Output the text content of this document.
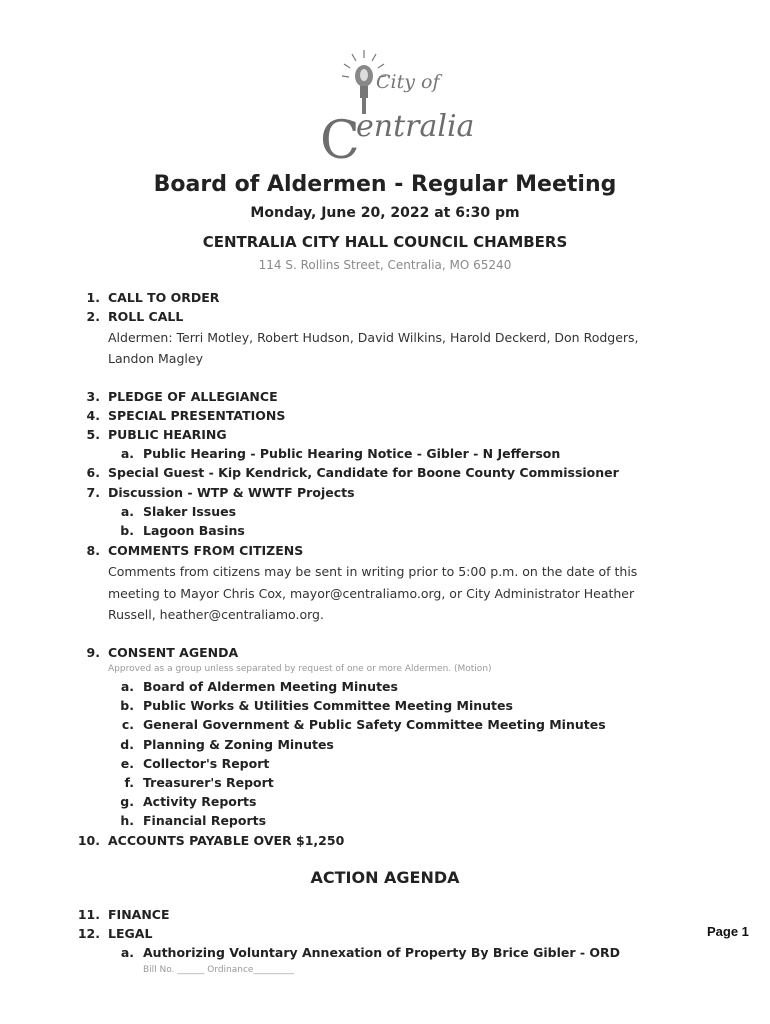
City of
C
entralia
Board of Aldermen - Regular Meeting
Monday, June 20, 2022 at 6:30 pm
CENTRALIA CITY HALL COUNCIL CHAMBERS
114 S. Rollins Street, Centralia, MO 65240
1. CALL TO ORDER
2. ROLL CALL
Aldermen: Terri Motley, Robert Hudson, David Wilkins, Harold Deckerd, Don Rodgers,
Landon Magley
3. PLEDGE OF ALLEGIANCE
4. SPECIAL PRESENTATIONS
5. PUBLIC HEARING
a. Public Hearing - Public Hearing Notice - Gibler - N Jefferson
6. Special Guest - Kip Kendrick, Candidate for Boone County Commissioner
7. Discussion - WTP & WWTF Projects
a. Slaker Issues
b. Lagoon Basins
8. COMMENTS FROM CITIZENS
Comments from citizens may be sent in writing prior to 5:00 p.m. on the date of this
meeting to Mayor Chris Cox, mayor@centraliamo.org, or City Administrator Heather
Russell, heather@centraliamo.org.
9. CONSENT AGENDA
Approved as a group unless separated by request of one or more Aldermen. (Motion)
a. Board of Aldermen Meeting Minutes
b. Public Works & Utilities Committee Meeting Minutes
c. General Government & Public Safety Committee Meeting Minutes
d. Planning & Zoning Minutes
e. Collector's Report
f. Treasurer's Report
g. Activity Reports
h. Financial Reports
10. ACCOUNTS PAYABLE OVER $1,250
ACTION AGENDA
11. FINANCE
12. LEGAL
a. Authorizing Voluntary Annexation of Property By Brice Gibler - ORD
Bill No. ______ Ordinance_________
Page 1
